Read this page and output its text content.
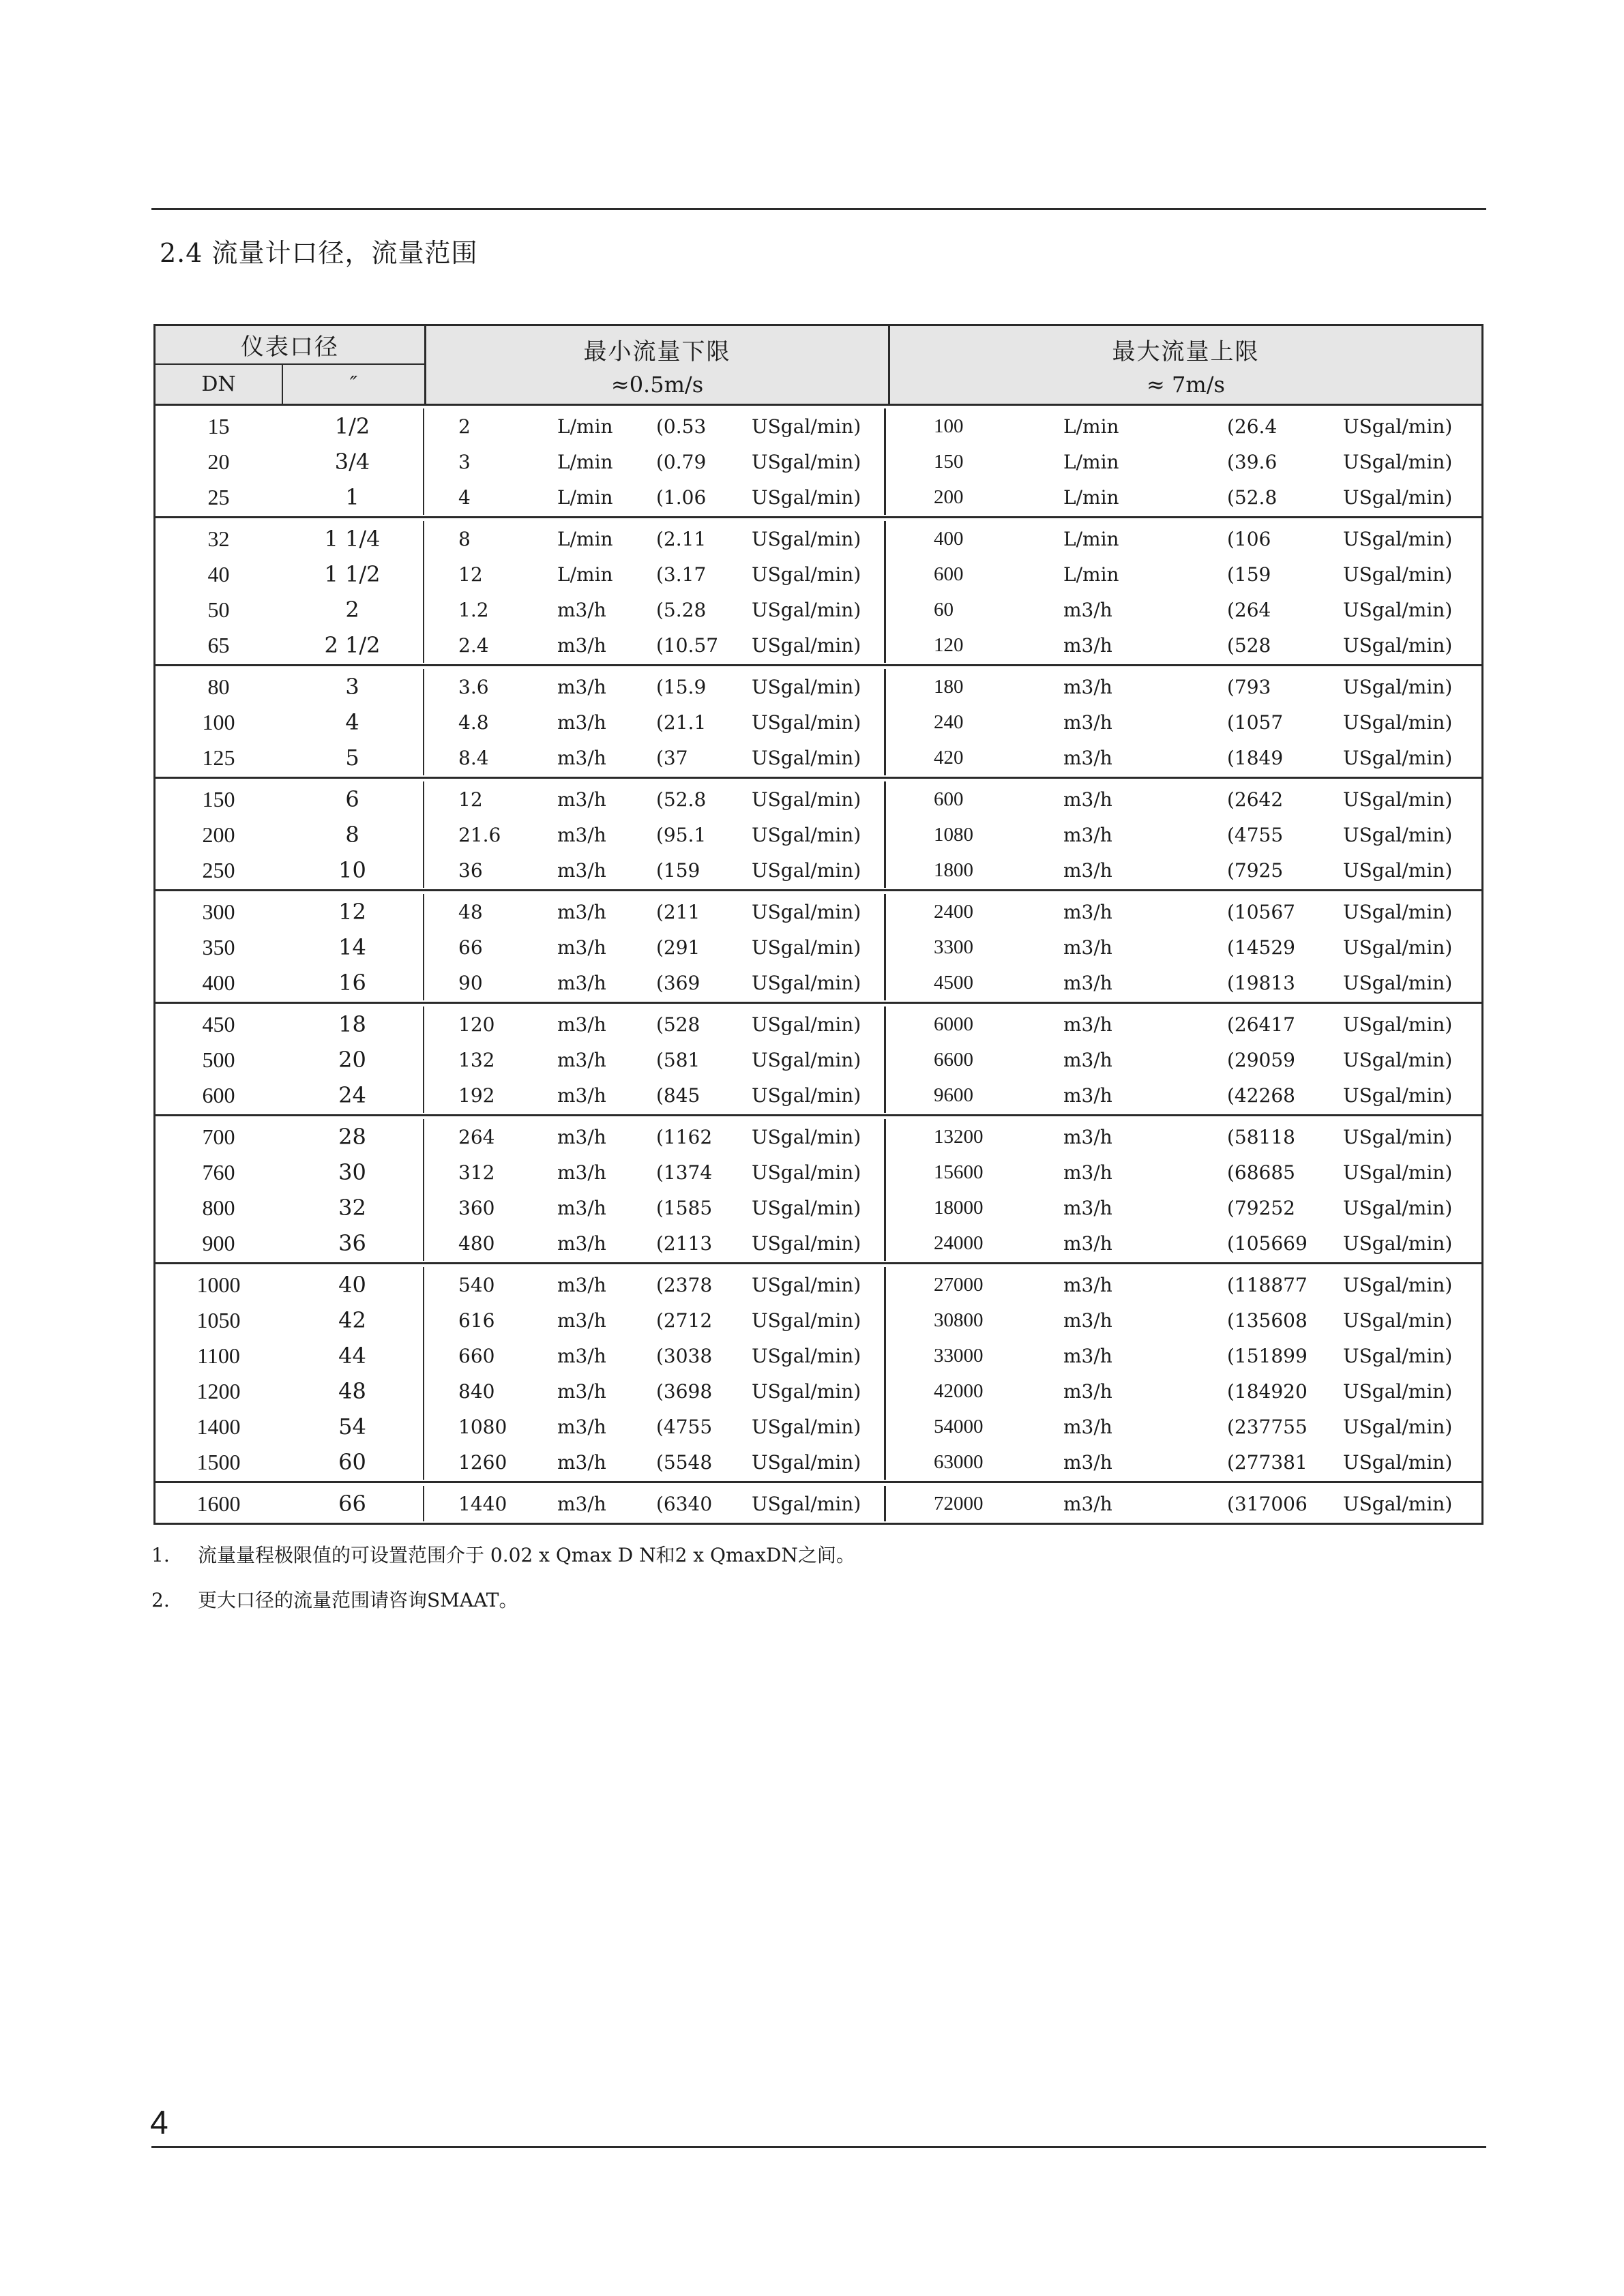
2.4 流量计口径，流量范围
仪表口径
DN	″
最小流量下限
≈0.5m/s
最大流量上限
≈ 7m/s
15	1/2	2	L/min	(0.53	USgal/min)	100	L/min	(26.4	USgal/min)
20	3/4	3	L/min	(0.79	USgal/min)	150	L/min	(39.6	USgal/min)
25	1	4	L/min	(1.06	USgal/min)	200	L/min	(52.8	USgal/min)
32	1 1/4	8	L/min	(2.11	USgal/min)	400	L/min	(106	USgal/min)
40	1 1/2	12	L/min	(3.17	USgal/min)	600	L/min	(159	USgal/min)
50	2	1.2	m3/h	(5.28	USgal/min)	60	m3/h	(264	USgal/min)
65	2 1/2	2.4	m3/h	(10.57	USgal/min)	120	m3/h	(528	USgal/min)
80	3	3.6	m3/h	(15.9	USgal/min)	180	m3/h	(793	USgal/min)
100	4	4.8	m3/h	(21.1	USgal/min)	240	m3/h	(1057	USgal/min)
125	5	8.4	m3/h	(37	USgal/min)	420	m3/h	(1849	USgal/min)
150	6	12	m3/h	(52.8	USgal/min)	600	m3/h	(2642	USgal/min)
200	8	21.6	m3/h	(95.1	USgal/min)	1080	m3/h	(4755	USgal/min)
250	10	36	m3/h	(159	USgal/min)	1800	m3/h	(7925	USgal/min)
300	12	48	m3/h	(211	USgal/min)	2400	m3/h	(10567	USgal/min)
350	14	66	m3/h	(291	USgal/min)	3300	m3/h	(14529	USgal/min)
400	16	90	m3/h	(369	USgal/min)	4500	m3/h	(19813	USgal/min)
450	18	120	m3/h	(528	USgal/min)	6000	m3/h	(26417	USgal/min)
500	20	132	m3/h	(581	USgal/min)	6600	m3/h	(29059	USgal/min)
600	24	192	m3/h	(845	USgal/min)	9600	m3/h	(42268	USgal/min)
700	28	264	m3/h	(1162	USgal/min)	13200	m3/h	(58118	USgal/min)
760	30	312	m3/h	(1374	USgal/min)	15600	m3/h	(68685	USgal/min)
800	32	360	m3/h	(1585	USgal/min)	18000	m3/h	(79252	USgal/min)
900	36	480	m3/h	(2113	USgal/min)	24000	m3/h	(105669	USgal/min)
1000	40	540	m3/h	(2378	USgal/min)	27000	m3/h	(118877	USgal/min)
1050	42	616	m3/h	(2712	USgal/min)	30800	m3/h	(135608	USgal/min)
1100	44	660	m3/h	(3038	USgal/min)	33000	m3/h	(151899	USgal/min)
1200	48	840	m3/h	(3698	USgal/min)	42000	m3/h	(184920	USgal/min)
1400	54	1080	m3/h	(4755	USgal/min)	54000	m3/h	(237755	USgal/min)
1500	60	1260	m3/h	(5548	USgal/min)	63000	m3/h	(277381	USgal/min)
1600	66	1440	m3/h	(6340	USgal/min)	72000	m3/h	(317006	USgal/min)
1.	流量量程极限值的可设置范围介于 0.02 x Qmax D N和2 x QmaxDN之间。
2.	更大口径的流量范围请咨询SMAAT。
4
